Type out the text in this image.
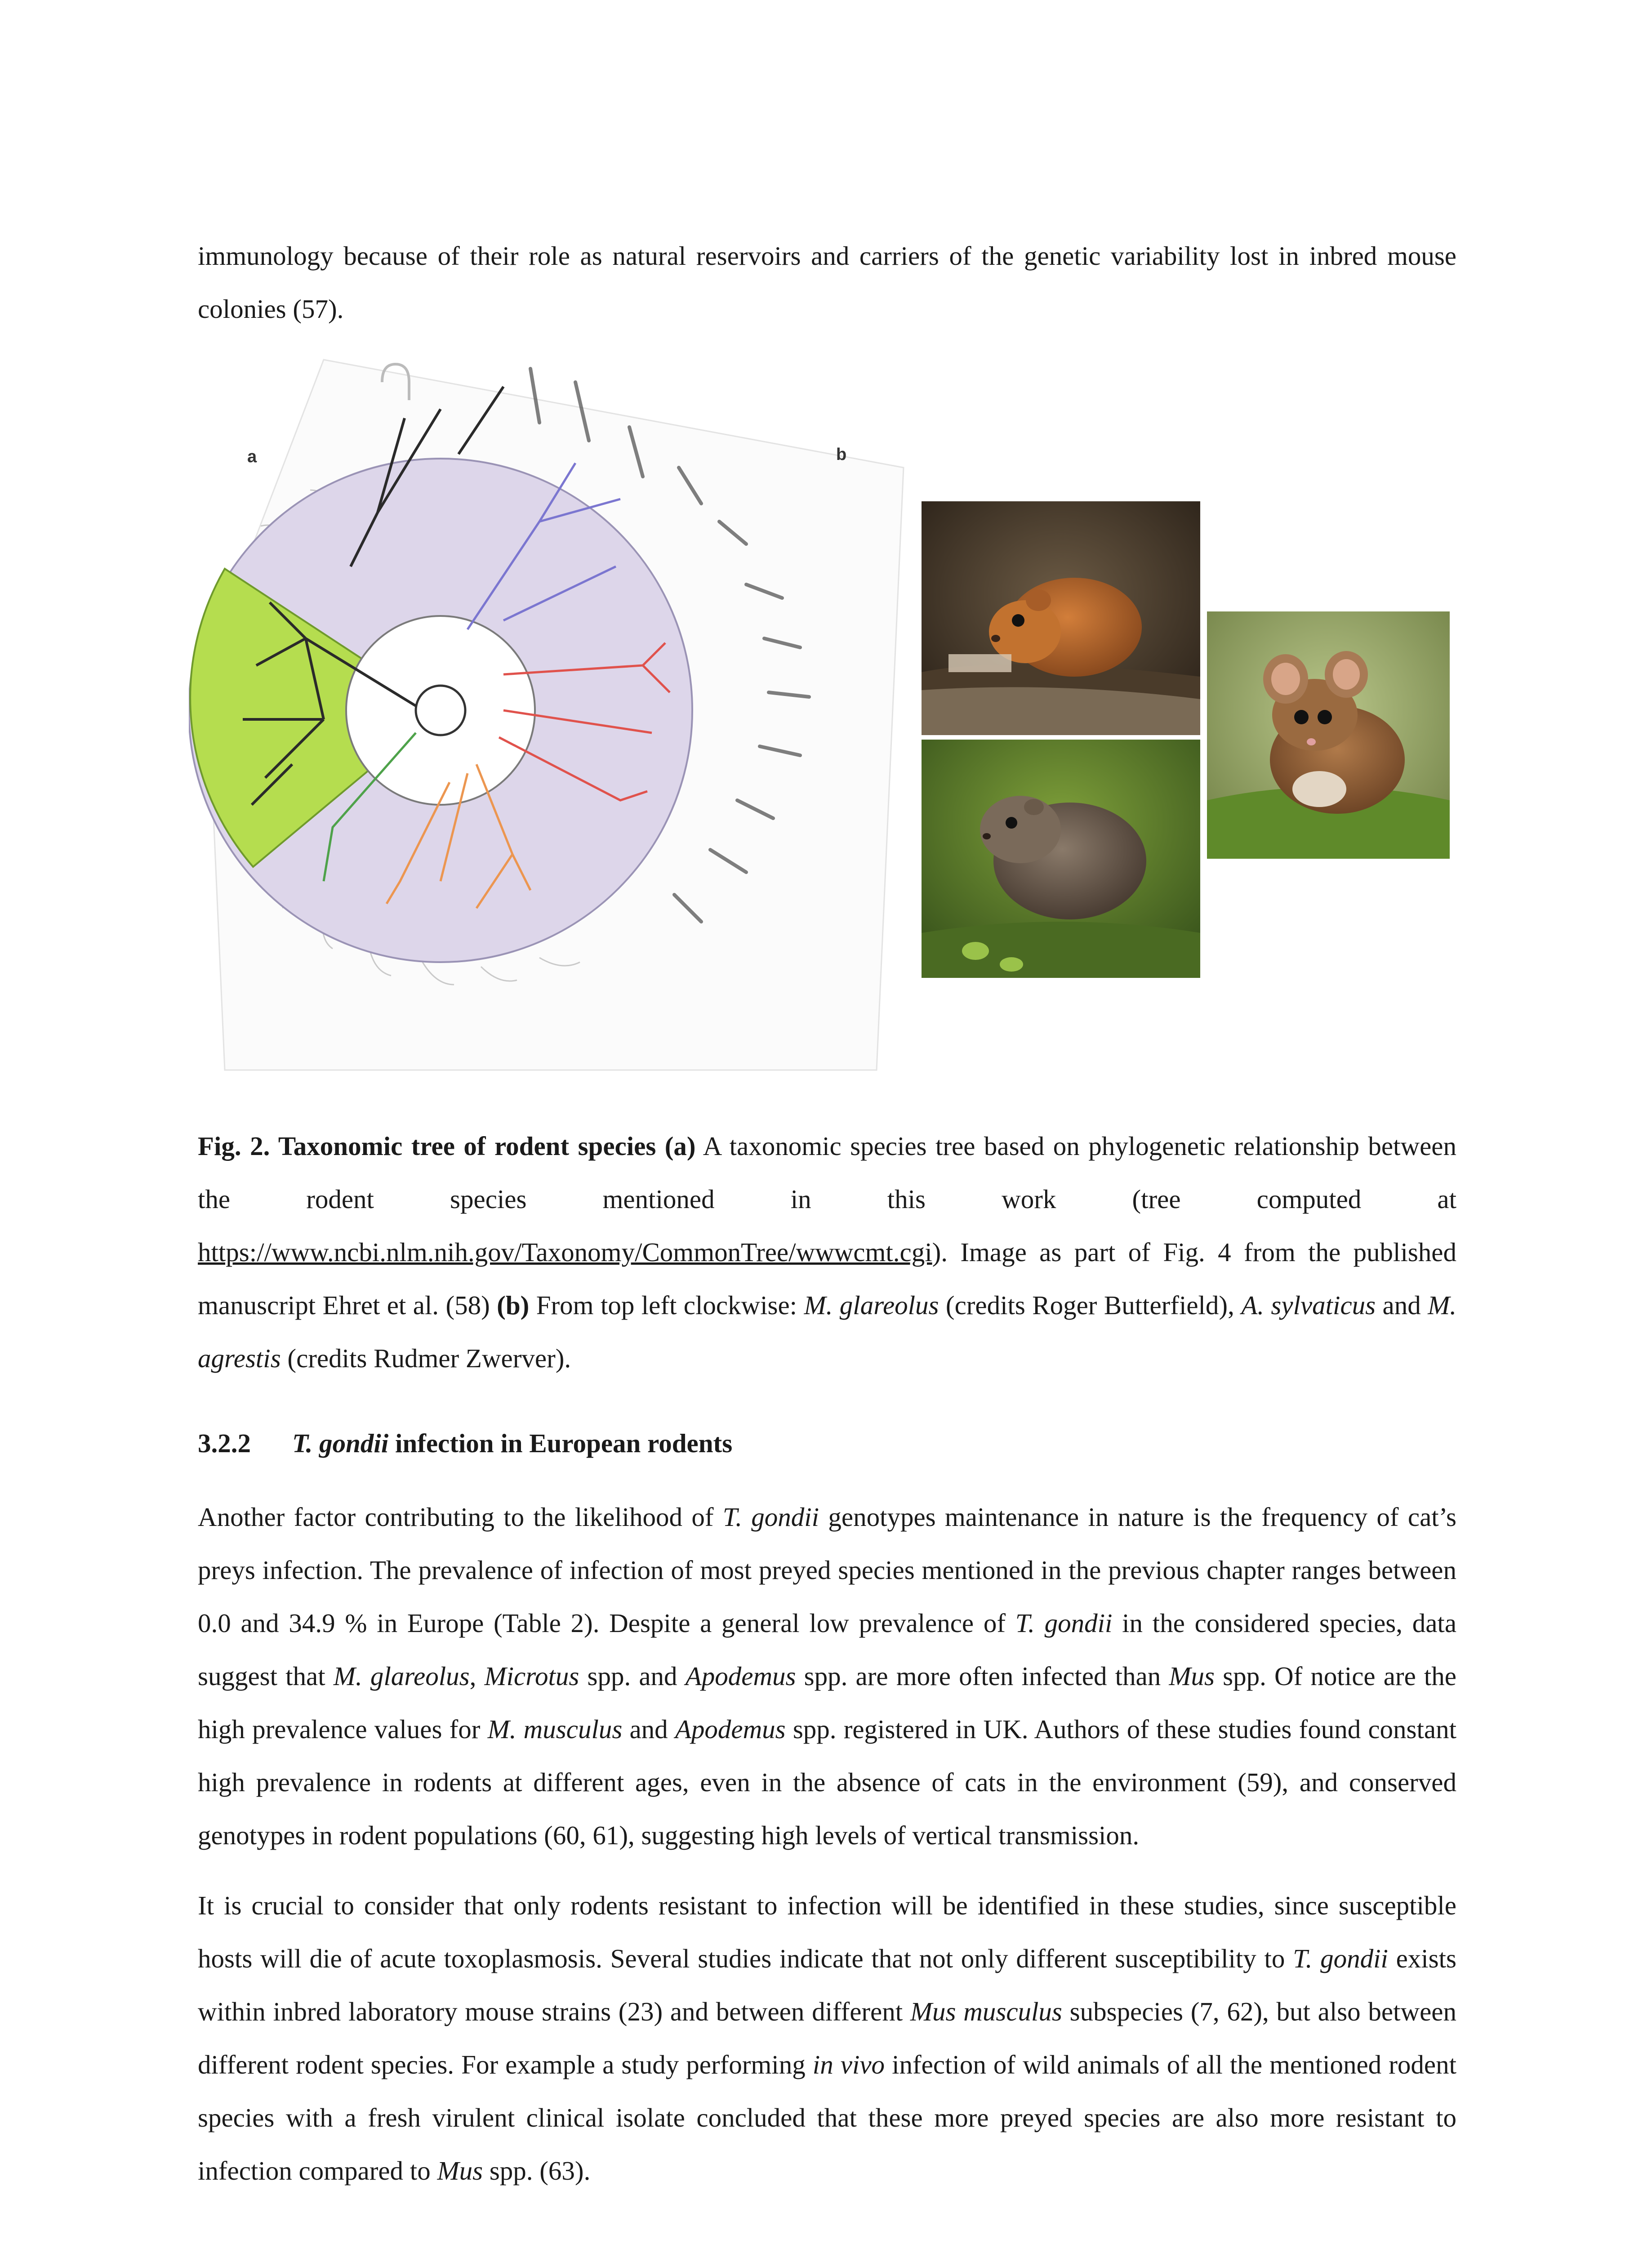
immunology because of their role as natural reservoirs and carriers of the genetic variability lost in inbred mouse colonies (57).

a	b

Fig. 2. Taxonomic tree of rodent species (a) A taxonomic species tree based on phylogenetic relationship between the rodent species mentioned in this work (tree computed at https://www.ncbi.nlm.nih.gov/Taxonomy/CommonTree/wwwcmt.cgi). Image as part of Fig. 4 from the published manuscript Ehret et al. (58) (b) From top left clockwise: M. glareolus (credits Roger Butterfield), A. sylvaticus and M. agrestis (credits Rudmer Zwerver).

3.2.2 T. gondii infection in European rodents

Another factor contributing to the likelihood of T. gondii genotypes maintenance in nature is the frequency of cat’s preys infection. The prevalence of infection of most preyed species mentioned in the previous chapter ranges between 0.0 and 34.9 % in Europe (Table 2). Despite a general low prevalence of T. gondii in the considered species, data suggest that M. glareolus, Microtus spp. and Apodemus spp. are more often infected than Mus spp. Of notice are the high prevalence values for M. musculus and Apodemus spp. registered in UK. Authors of these studies found constant high prevalence in rodents at different ages, even in the absence of cats in the environment (59), and conserved genotypes in rodent populations (60, 61), suggesting high levels of vertical transmission.

It is crucial to consider that only rodents resistant to infection will be identified in these studies, since susceptible hosts will die of acute toxoplasmosis. Several studies indicate that not only different susceptibility to T. gondii exists within inbred laboratory mouse strains (23) and between different Mus musculus subspecies (7, 62), but also between different rodent species. For example a study performing in vivo infection of wild animals of all the mentioned rodent species with a fresh virulent clinical isolate concluded that these more preyed species are also more resistant to infection compared to Mus spp. (63).
